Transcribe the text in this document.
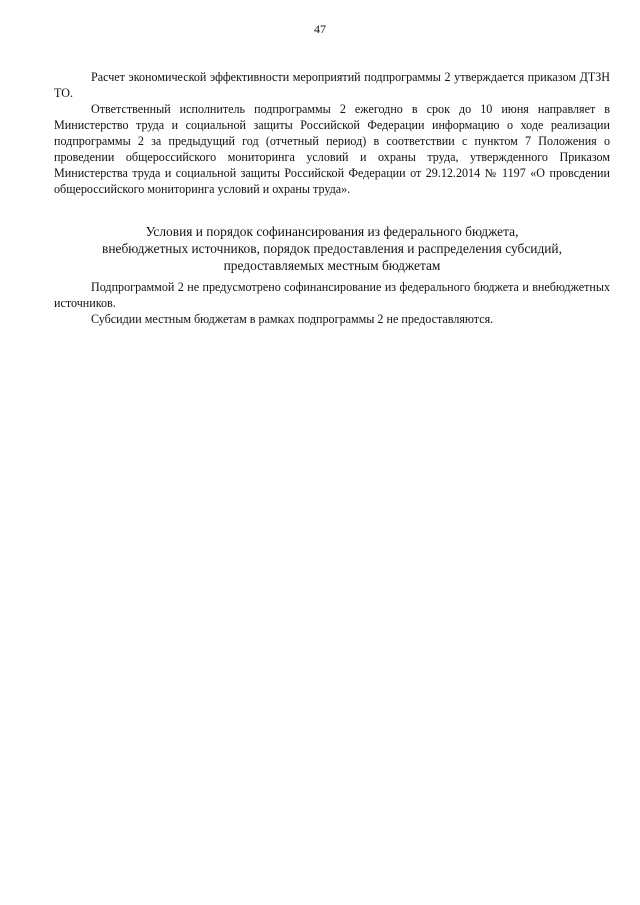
47

Расчет экономической эффективности мероприятий подпрограммы 2 утверждается приказом ДТЗН ТО.

Ответственный исполнитель подпрограммы 2 ежегодно в срок до 10 июня направляет в Министерство труда и социальной защиты Российской Федерации информацию о ходе реализации подпрограммы 2 за предыдущий год (отчетный период) в соответствии с пунктом 7 Положения о проведении общероссийского мониторинга условий и охраны труда, утвержденного Приказом Министерства труда и социальной защиты Российской Федерации от 29.12.2014 № 1197 «О провсдении общероссийского мониторинга условий и охраны труда».

Условия и порядок софинансирования из федерального бюджета,
внебюджетных источников, порядок предоставления и распределения субсидий,
предоставляемых местным бюджетам

Подпрограммой 2 не предусмотрено софинансирование из федерального бюджета и внебюджетных источников.

Субсидии местным бюджетам в рамках подпрограммы 2 не предоставляются.
